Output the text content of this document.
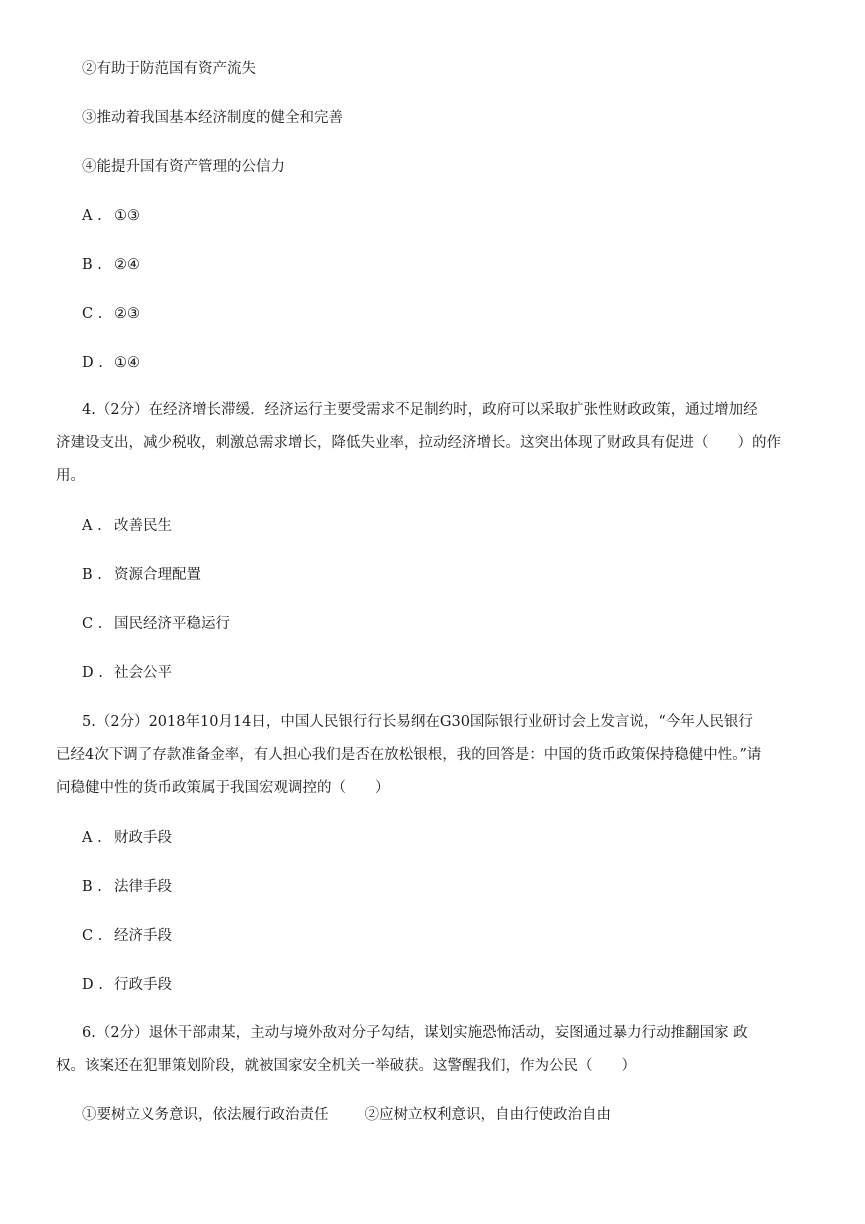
②有助于防范国有资产流失
③推动着我国基本经济制度的健全和完善
④能提升国有资产管理的公信力
A . ①③
B . ②④
C . ②③
D . ①④
4.（2分）在经济增长滞缓．经济运行主要受需求不足制约时，政府可以采取扩张性财政政策，通过增加经
济建设支出，减少税收，刺激总需求增长，降低失业率，拉动经济增长。这突出体现了财政具有促进（　　）的作
用。
A . 改善民生
B . 资源合理配置
C . 国民经济平稳运行
D . 社会公平
5.（2分）2018年10月14日，中国人民银行行长易纲在G30国际银行业研讨会上发言说，“今年人民银行
已经4次下调了存款准备金率，有人担心我们是否在放松银根，我的回答是：中国的货币政策保持稳健中性。”请
问稳健中性的货币政策属于我国宏观调控的（　　）
A . 财政手段
B . 法律手段
C . 经济手段
D . 行政手段
6.（2分）退休干部肃某，主动与境外敌对分子勾结，谋划实施恐怖活动，妄图通过暴力行动推翻国家 政
权。该案还在犯罪策划阶段，就被国家安全机关一举破获。这警醒我们，作为公民（　　）
①要树立义务意识，依法履行政治责任 ②应树立权利意识，自由行使政治自由
